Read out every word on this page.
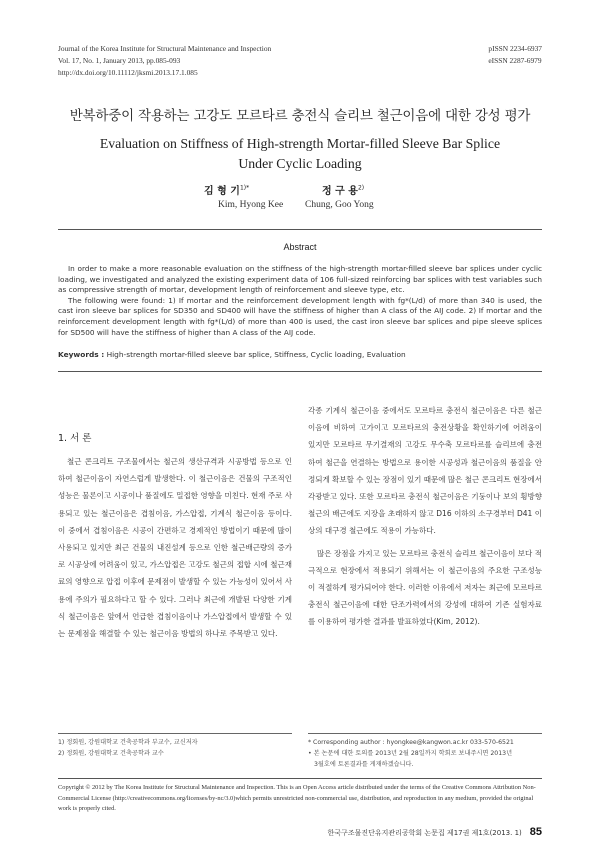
Journal of the Korea Institute for Structural Maintenance and Inspection
Vol. 17, No. 1, January 2013, pp.085-093
http://dx.doi.org/10.11112/jksmi.2013.17.1.085
pISSN 2234-6937
eISSN 2287-6979
반복하중이 작용하는 고강도 모르타르 충전식 슬리브 철근이음에 대한 강성 평가
Evaluation on Stiffness of High-strength Mortar-filled Sleeve Bar Splice
Under Cyclic Loading
김 형 기$^{1)*}$	정 구 용$^{2)}$
Kim, Hyong Kee Chung, Goo Yong
Abstract

In order to make a more reasonable evaluation on the stiffness of the high-strength mortar-filled sleeve bar splices under cyclic loading, we investigated and analyzed the existing experiment data of 106 full-sized reinforcing bar splices with test variables such as compressive strength of mortar, development length of reinforcement and sleeve type, etc.

The following were found: 1) If mortar and the reinforcement development length with fg*(L/d) of more than 340 is used, the cast iron sleeve bar splices for SD350 and SD400 will have the stiffness of higher than A class of the AIJ code. 2) If mortar and the reinforcement development length with fg*(L/d) of more than 400 is used, the cast iron sleeve bar splices and pipe sleeve splices for SD500 will have the stiffness of higher than A class of the AIJ code.

Keywords : High-strength mortar-filled sleeve bar splice, Stiffness, Cyclic loading, Evaluation
1. 서 론

철근 콘크리트 구조물에서는 철근의 생산규격과 시공방법 등으로 인하여 철근이음이 자연스럽게 발생한다. 이 철근이음은 건물의 구조적인 성능은 물론이고 시공이나 품질에도 밀접한 영향을 미친다. 현재 주로 사용되고 있는 철근이음은 겹침이음, 가스압접, 기계식 철근이음 등이다. 이 중에서 겹침이음은 시공이 간편하고 경제적인 방법이기 때문에 많이 사용되고 있지만 최근 건물의 내진설계 등으로 인한 철근배근량의 증가로 시공상에 어려움이 있고, 가스압접은 고강도 철근의 접합 시에 철근재료의 영향으로 압접 이후에 문제점이 발생할 수 있는 가능성이 있어서 사용에 주의가 필요하다고 할 수 있다. 그러나 최근에 개발된 다양한 기계식 철근이음은 앞에서 언급한 겹침이음이나 가스압접에서 발생할 수 있는 문제점을 해결할 수 있는 철근이음 방법의 하나로 주목받고 있다.

각종 기계식 철근이음 중에서도 모르타르 충전식 철근이음은 다른 철근이음에 비하여 고가이고 모르타르의 충전상황을 확인하기에 어려움이 있지만 모르타르 무기결재의 고강도 무수축 모르타르를 슬리브에 충전하여 철근을 연결하는 방법으로 용이한 시공성과 철근이음의 품질을 안정되게 확보할 수 있는 장점이 있기 때문에 많은 철근 콘크리트 현장에서 각광받고 있다. 또한 모르타르 충전식 철근이음은 기둥이나 보의 횡방향 철근의 배근에도 지장을 초래하지 않고 D16 이하의 소구경부터 D41 이상의 대구경 철근에도 적용이 가능하다.

많은 장점을 가지고 있는 모르타르 충전식 슬리브 철근이음이 보다 적극적으로 현장에서 적용되기 위해서는 이 철근이음의 주요한 구조성능이 적절하게 평가되어야 한다. 이러한 이유에서 저자는 최근에 모르타르 충전식 철근이음에 대한 단조가력에서의 강성에 대하여 기존 실험자료를 이용하여 평가한 결과를 발표하였다(Kim, 2012).

1) 정회원, 강원대학교 건축공학과 부교수, 교신저자
2) 정회원, 강원대학교 건축공학과 교수
* Corresponding author : hyongkee@kangwon.ac.kr 033-570-6521
• 본 논문에 대한 토의를 2013년 2월 28일까지 학회로 보내주시면 2013년
3월호에 토론결과를 게재하겠습니다.
Copyright © 2012 by The Korea Institute for Structural Maintenance and Inspection. This is an Open Access article distributed under the terms of the Creative Commons Attribution Non-Commercial License (http://creativecommons.org/licenses/by-nc/3.0)which permits unrestricted non-commercial use, distribution, and reproduction in any medium, provided the original work is properly cited.
한국구조물진단유지관리공학회 논문집 제17권 제1호(2013. 1) 85
